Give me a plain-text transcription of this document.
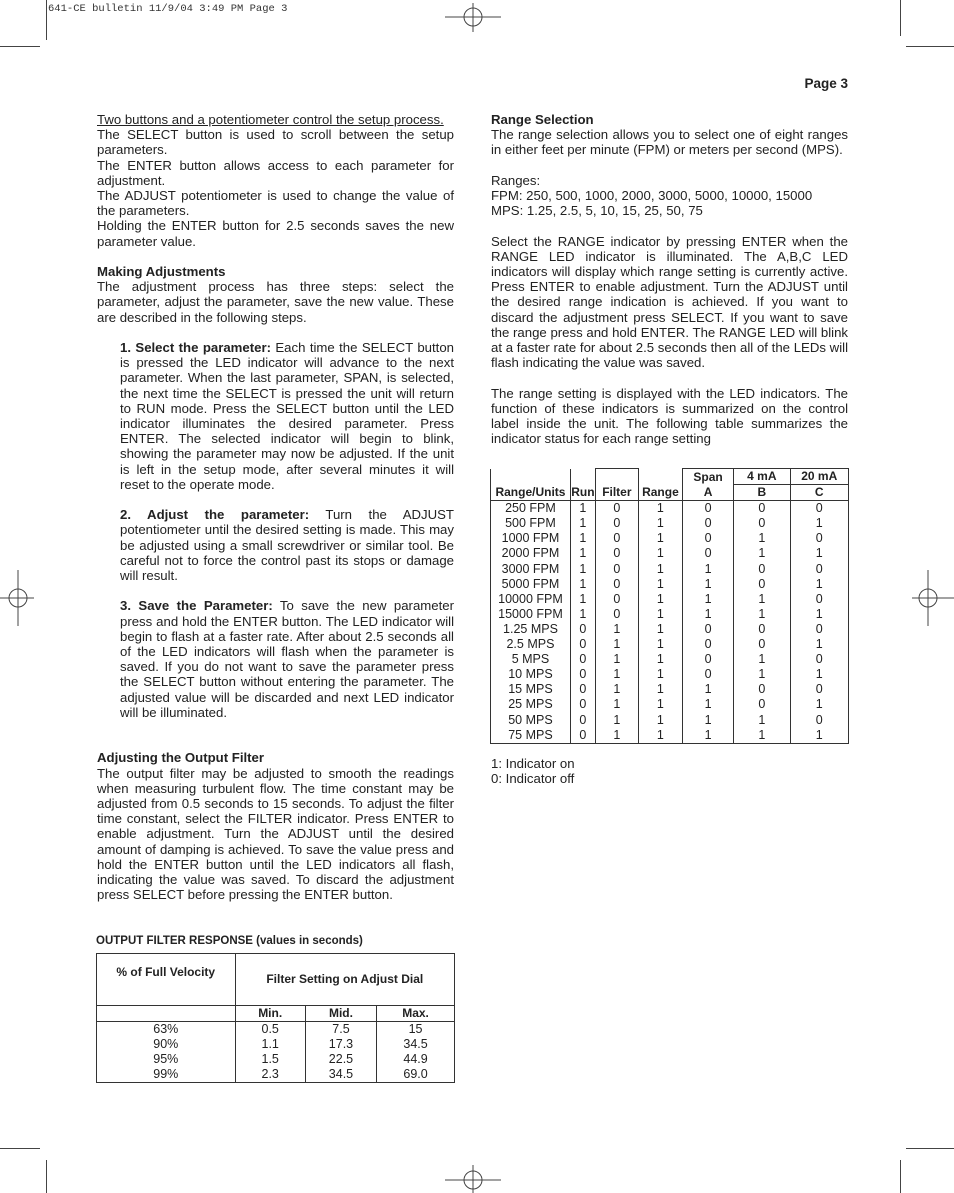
641-CE bulletin 11/9/04 3:49 PM Page 3
Page 3

Two buttons and a potentiometer control the setup process.

The SELECT button is used to scroll between the setup parameters.

The ENTER button allows access to each parameter for adjustment.

The ADJUST potentiometer is used to change the value of the parameters.

Holding the ENTER button for 2.5 seconds saves the new parameter value.

Making Adjustments

The adjustment process has three steps: select the parameter, adjust the parameter, save the new value. These are described in the following steps.

1. Select the parameter: Each time the SELECT button is pressed the LED indicator will advance to the next parameter. When the last parameter, SPAN, is selected, the next time the SELECT is pressed the unit will return to RUN mode. Press the SELECT button until the LED indicator illuminates the desired parameter. Press ENTER. The selected indicator will begin to blink, showing the parameter may now be adjusted. If the unit is left in the setup mode, after several minutes it will reset to the operate mode.

2. Adjust the parameter: Turn the ADJUST potentiometer until the desired setting is made. This may be adjusted using a small screwdriver or similar tool. Be careful not to force the control past its stops or damage will result.

3. Save the Parameter: To save the new parameter press and hold the ENTER button. The LED indicator will begin to flash at a faster rate. After about 2.5 seconds all of the LED indicators will flash when the parameter is saved. If you do not want to save the parameter press the SELECT button without entering the parameter. The adjusted value will be discarded and next LED indicator will be illuminated.

Adjusting the Output Filter

The output filter may be adjusted to smooth the readings when measuring turbulent flow. The time constant may be adjusted from 0.5 seconds to 15 seconds. To adjust the filter time constant, select the FILTER indicator. Press ENTER to enable adjustment. Turn the ADJUST until the desired amount of damping is achieved. To save the value press and hold the ENTER button until the LED indicators all flash, indicating the value was saved. To discard the adjustment press SELECT before pressing the ENTER button.

OUTPUT FILTER RESPONSE (values in seconds)
% of Full Velocity	Filter Setting on Adjust Dial		

	Min.	Mid.	Max.
63%	0.5	7.5	15
90%	1.1	17.3	34.5
95%	1.5	22.5	44.9
99%	2.3	34.5	69.0

Range Selection

The range selection allows you to select one of eight ranges in either feet per minute (FPM) or meters per second (MPS).

Ranges:

FPM: 250, 500, 1000, 2000, 3000, 5000, 10000, 15000

MPS: 1.25, 2.5, 5, 10, 15, 25, 50, 75

Select the RANGE indicator by pressing ENTER when the RANGE LED indicator is illuminated. The A,B,C LED indicators will display which range setting is currently active. Press ENTER to enable adjustment. Turn the ADJUST until the desired range indication is achieved. If you want to discard the adjustment press SELECT. If you want to save the range press and hold ENTER. The RANGE LED will blink at a faster rate for about 2.5 seconds then all of the LEDs will flash indicating the value was saved.

The range setting is displayed with the LED indicators. The function of these indicators is summarized on the control label inside the unit. The following table summarizes the indicator status for each range setting

Range/Units	Run	Filter	Range	Span	4 mA	20 mA
				A	B	C
250 FPM	1	0	1	0	0	0
500 FPM	1	0	1	0	0	1
1000 FPM	1	0	1	0	1	0
2000 FPM	1	0	1	0	1	1
3000 FPM	1	0	1	1	0	0
5000 FPM	1	0	1	1	0	1
10000 FPM	1	0	1	1	1	0
15000 FPM	1	0	1	1	1	1
1.25 MPS	0	1	1	0	0	0
2.5 MPS	0	1	1	0	0	1
5 MPS	0	1	1	0	1	0
10 MPS	0	1	1	0	1	1
15 MPS	0	1	1	1	0	0
25 MPS	0	1	1	1	0	1
50 MPS	0	1	1	1	1	0
75 MPS	0	1	1	1	1	1
1: Indicator on
0: Indicator off
